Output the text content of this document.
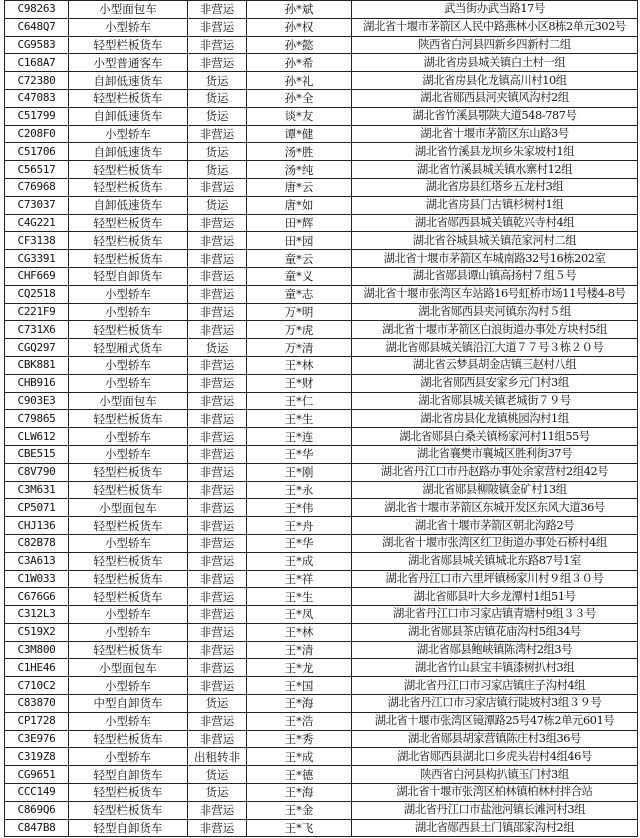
C98263	小型面包车	非营运	孙*斌	武当街办武当路17号
C648Q7	小型轿车	非营运	孙*权	湖北省十堰市茅箭区人民中路燕林小区8栋2单元302号
CG9583	轻型栏板货车	非营运	孙*懿	陕西省白河县四新乡四新村二组
C168A7	小型普通客车	非营运	孙*希	湖北省房县城关镇白土村一组
C72380	自卸低速货车	货运	孙*礼	湖北省房县化龙镇高川村10组
C47083	轻型栏板货车	货运	孙*全	湖北省郧西县河夹镇风沟村2组
C51799	自卸低速货车	货运	谈*友	湖北省竹溪县鄂陕大道548-787号
C208F0	小型轿车	非营运	谭*健	湖北省十堰市茅箭区东山路3号
C51706	自卸低速货车	货运	汤*胜	湖北省竹溪县龙坝乡朱家坡村1组
C56517	轻型栏板货车	货运	汤*纯	湖北省竹溪县城关镇水寨村12组
C76968	轻型栏板货车	非营运	唐*云	湖北省房县红塔乡五龙村3组
C73037	自卸低速货车	货运	唐*如	湖北省房县门古镇杉树村1组
C4G221	轻型栏板货车	非营运	田*辉	湖北省郧西县城关镇乾兴寺村4组
CF3138	轻型栏板货车	非营运	田*园	湖北省谷城县城关镇范家河村二组
CG3391	轻型栏板货车	非营运	童*云	湖北省十堰市茅箭区车城南路32号16栋202室
CHF669	轻型自卸货车	非营运	童*义	湖北省郧县谭山镇高扬村７组５号
CQ2518	小型轿车	非营运	童*志	湖北省十堰市张湾区车站路16号虹桥市场11号楼4-8号
C221F9	小型轿车	非营运	万*明	湖北省郧西县夹河镇东沟村５组
C731X6	轻型栏板货车	非营运	万*虎	湖北省十堰市茅箭区白浪街道办事处方块村5组
CGQ297	轻型厢式货车	货运	万*清	湖北省郧县城关镇沿江大道７７号３栋２０号
CBK881	小型轿车	非营运	王*林	湖北省云梦县胡金店镇三赵村八组
CHB916	小型轿车	非营运	王*财	湖北省郧西县安家乡元门村3组
C903E3	小型面包车	非营运	王*仁	湖北省郧县城关镇老城街７９号
C79865	轻型栏板货车	非营运	王*生	湖北省房县化龙镇桃园沟村1组
CLW612	小型轿车	非营运	王*连	湖北省郧县白桑关镇杨家河村11组55号
CBE515	小型轿车	非营运	王*华	湖北省襄樊市襄城区胜利街37号
C8V790	轻型栏板货车	非营运	王*刚	湖北省丹江口市丹赵路办事处余家营村2组42号
C3M631	轻型栏板货车	非营运	王*永	湖北省郧县柳陂镇金矿村13组
CP5071	小型面包车	非营运	王*伟	湖北省十堰市茅箭区东城开发区东风大道36号
CHJ136	轻型栏板货车	非营运	王*舟	湖北省十堰市茅箭区朝北沟路2号
C82B78	小型轿车	非营运	王*华	湖北省十堰市张湾区红卫街道办事处石桥村4组
C3A613	轻型栏板货车	非营运	王*成	湖北省郧县城关镇城北东路87号1室
C1W033	轻型栏板货车	非营运	王*祥	湖北省丹江口市六里坪镇杨家川村９组３０号
C676G6	轻型栏板货车	非营运	王*生	湖北省郧县叶大乡龙潭村1组51号
C312L3	小型轿车	非营运	王*凤	湖北省丹江口市习家店镇青塘村9组３３号
C519X2	小型轿车	非营运	王*林	湖北省郧县茶店镇花庙沟村5组34号
C3M800	轻型栏板货车	非营运	王*清	湖北省郧县鲍峡镇陈湾村2组3号
C1HE46	小型面包车	非营运	王*龙	湖北省竹山县宝丰镇漆树扒村3组
C710C2	小型轿车	非营运	王*国	湖北省丹江口市习家店镇庄子沟村4组
C83870	中型自卸货车	货运	王*海	湖北省丹江口市习家店镇行陡坡村3组３９号
CP1728	小型轿车	非营运	王*浩	湖北省十堰市张湾区镜潭路25号47栋2单元601号
C3E976	轻型栏板货车	非营运	王*秀	湖北省郧县胡家营镇陈庄村3组36号
C319Z8	小型轿车	出租转非	王*成	湖北省郧西县湖北口乡虎头岩村4组46号
CG9651	轻型自卸货车	货运	王*德	陕西省白河县构扒镇玉门村3组
CCC149	轻型栏板货车	货运	王*海	湖北省十堰市张湾区柏林镇柏林村拌合站
C869Q6	轻型栏板货车	非营运	王*金	湖北省丹江口市盐池河镇长滩河村3组
C847B8	轻型自卸货车	非营运	王*飞	湖北省郧西县土门镇邵家沟村2组
